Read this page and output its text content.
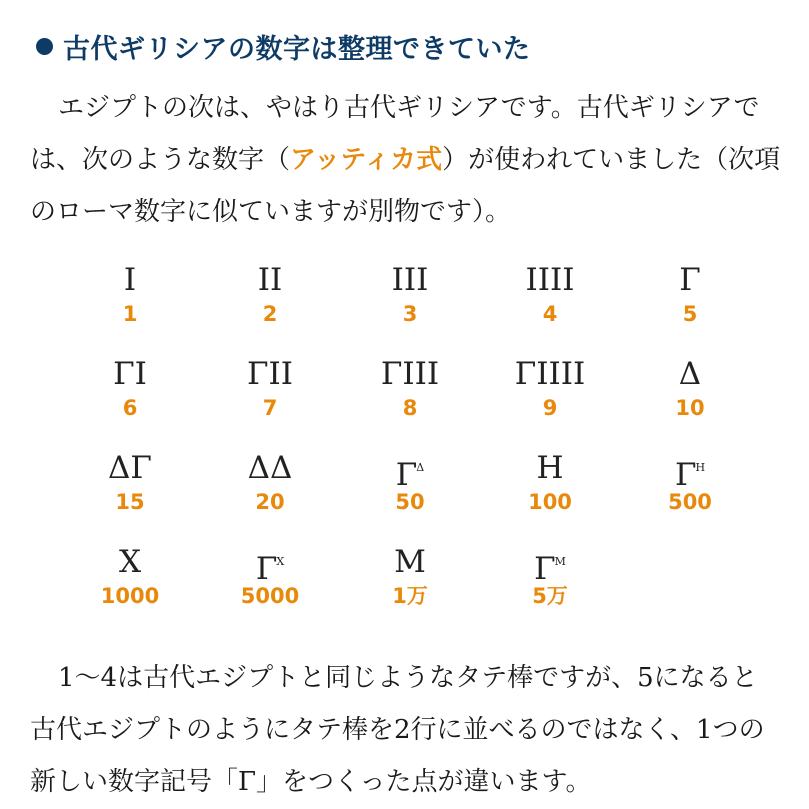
古代ギリシアの数字は整理できていた
エジプトの次は、やはり古代ギリシアです。古代ギリシアで
は、次のような数字（アッティカ式）が使われていました（次項
のローマ数字に似ていますが別物です）。
Ι
1
ΙΙ
2
ΙΙΙ
3
ΙΙΙΙ
4
Γ
5
ΓΙ
6
ΓΙΙ
7
ΓΙΙΙ
8
ΓΙΙΙΙ
9
Δ
10
ΔΓ
15
ΔΔ
20
$\Gamma^\Delta$
50
Η
100
$\Gamma^H$
500
Χ
1000
$\Gamma^X$
5000
Μ
1万
$\Gamma^M$
5万
1～4は古代エジプトと同じようなタテ棒ですが、5になると
古代エジプトのようにタテ棒を2行に並べるのではなく、1つの
新しい数字記号「Γ」をつくった点が違います。
